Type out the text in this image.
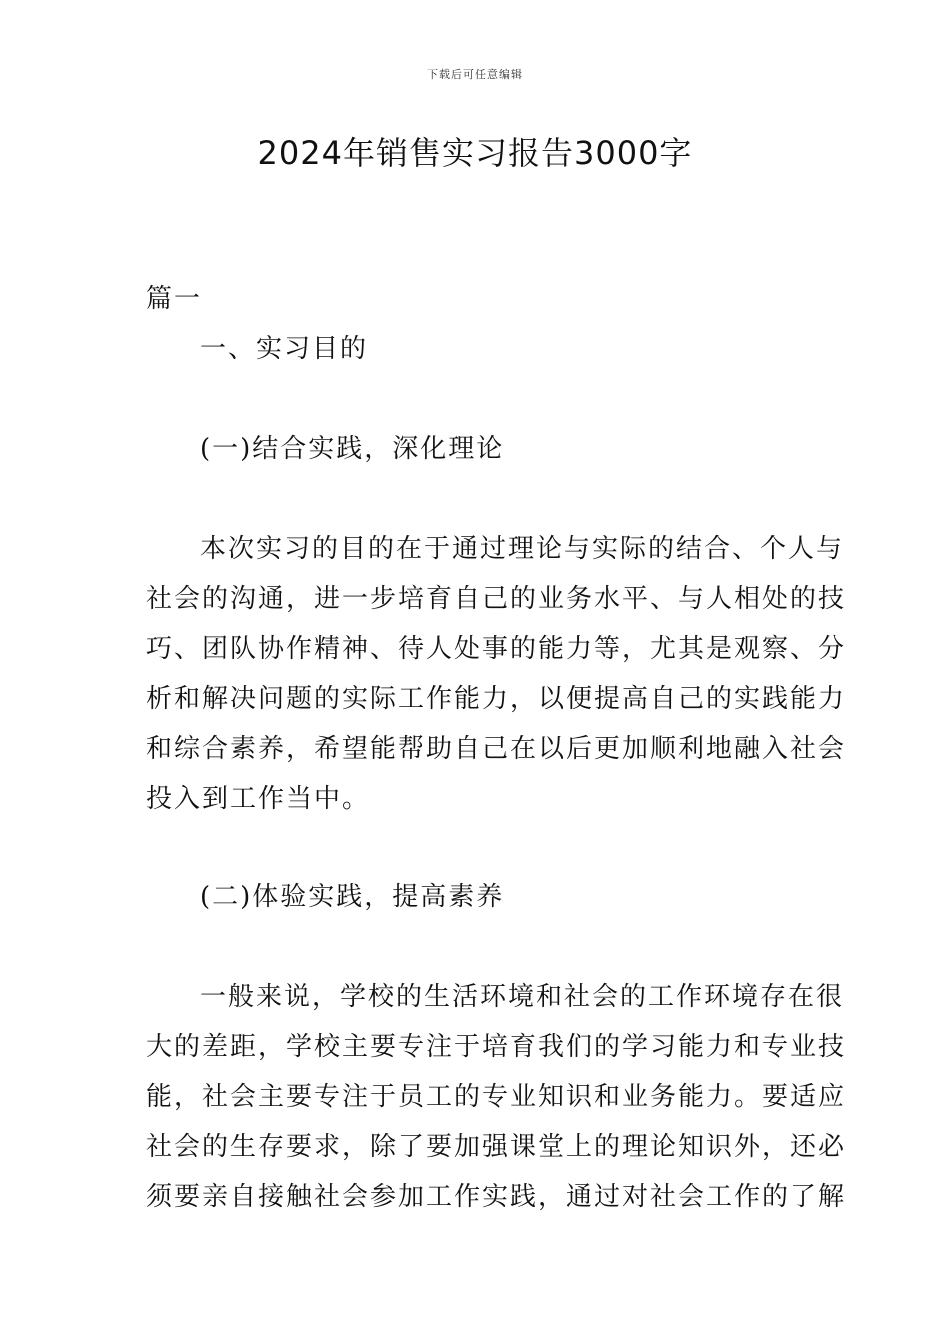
下载后可任意编辑
2024年销售实习报告3000字
篇一
一、实习目的
(一)结合实践，深化理论
本次实习的目的在于通过理论与实际的结合、个人与
社会的沟通，进一步培育自己的业务水平、与人相处的技
巧、团队协作精神、待人处事的能力等，尤其是观察、分
析和解决问题的实际工作能力，以便提高自己的实践能力
和综合素养，希望能帮助自己在以后更加顺利地融入社会
投入到工作当中。
(二)体验实践，提高素养
一般来说，学校的生活环境和社会的工作环境存在很
大的差距，学校主要专注于培育我们的学习能力和专业技
能，社会主要专注于员工的专业知识和业务能力。要适应
社会的生存要求，除了要加强课堂上的理论知识外，还必
须要亲自接触社会参加工作实践，通过对社会工作的了解
